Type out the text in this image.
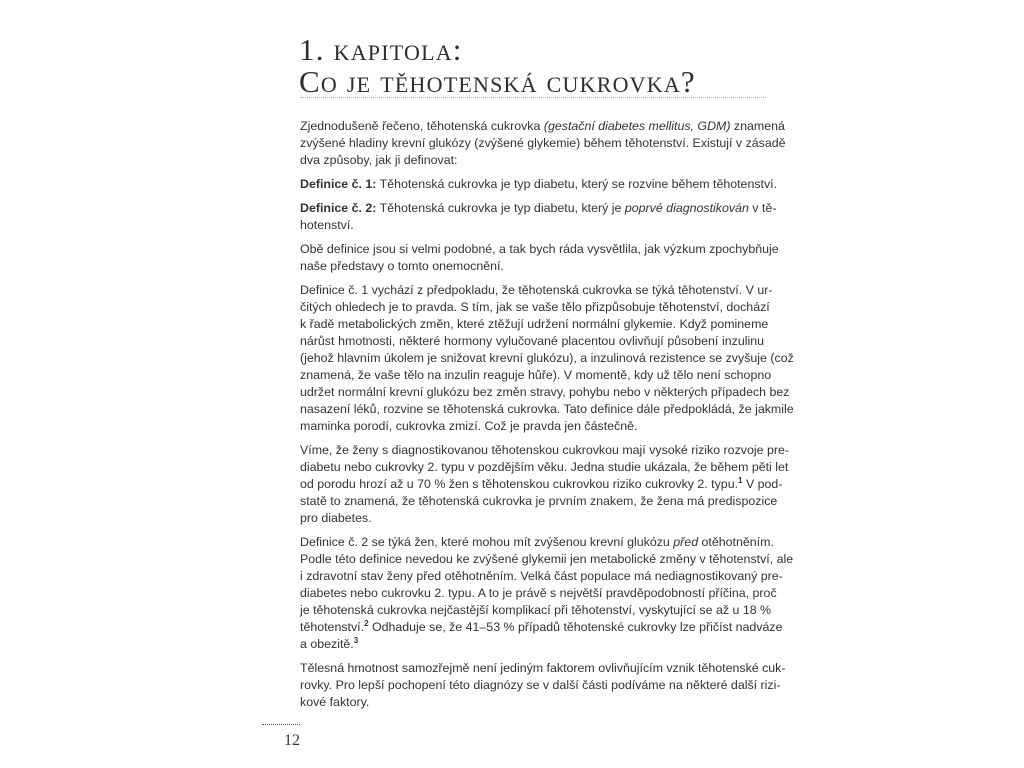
1. kapitola:
Co je těhotenská cukrovka?
Zjednodušeně řečeno, těhotenská cukrovka (gestační diabetes mellitus, GDM) znamená
zvýšené hladiny krevní glukózy (zvýšené glykemie) během těhotenství. Existují v zásadě
dva způsoby, jak ji definovat:
Definice č. 1: Těhotenská cukrovka je typ diabetu, který se rozvine během těhotenství.
Definice č. 2: Těhotenská cukrovka je typ diabetu, který je poprvé diagnostikován v tě-
hotenství.
Obě definice jsou si velmi podobné, a tak bych ráda vysvětlila, jak výzkum zpochybňuje
naše představy o tomto onemocnění.
Definice č. 1 vychází z předpokladu, že těhotenská cukrovka se týká těhotenství. V ur-
čitých ohledech je to pravda. S tím, jak se vaše tělo přizpůsobuje těhotenství, dochází
k řadě metabolických změn, které ztěžují udržení normální glykemie. Když pomineme
nárůst hmotnosti, některé hormony vylučované placentou ovlivňují působení inzulinu
(jehož hlavním úkolem je snižovat krevní glukózu), a inzulinová rezistence se zvyšuje (což
znamená, že vaše tělo na inzulin reaguje hůře). V momentě, kdy už tělo není schopno
udržet normální krevní glukózu bez změn stravy, pohybu nebo v některých případech bez
nasazení léků, rozvine se těhotenská cukrovka. Tato definice dále předpokládá, že jakmile
maminka porodí, cukrovka zmizí. Což je pravda jen částečně.
Víme, že ženy s diagnostikovanou těhotenskou cukrovkou mají vysoké riziko rozvoje pre-
diabetu nebo cukrovky 2. typu v pozdějším věku. Jedna studie ukázala, že během pěti let
od porodu hrozí až u 70 % žen s těhotenskou cukrovkou riziko cukrovky 2. typu.$^1$ V pod-
statě to znamená, že těhotenská cukrovka je prvním znakem, že žena má predispozice
pro diabetes.
Definice č. 2 se týká žen, které mohou mít zvýšenou krevní glukózu před otěhotněním.
Podle této definice nevedou ke zvýšené glykemii jen metabolické změny v těhotenství, ale
i zdravotní stav ženy před otěhotněním. Velká část populace má nediagnostikovaný pre-
diabetes nebo cukrovku 2. typu. A to je právě s největší pravděpodobností příčina, proč
je těhotenská cukrovka nejčastější komplikací při těhotenství, vyskytující se až u 18 %
těhotenství.$^2$ Odhaduje se, že 41–53 % případů těhotenské cukrovky lze přičíst nadváze
a obezitě.$^3$
Tělesná hmotnost samozřejmě není jediným faktorem ovlivňujícím vznik těhotenské cuk-
rovky. Pro lepší pochopení této diagnózy se v další části podíváme na některé další rizi-
kové faktory.
12
